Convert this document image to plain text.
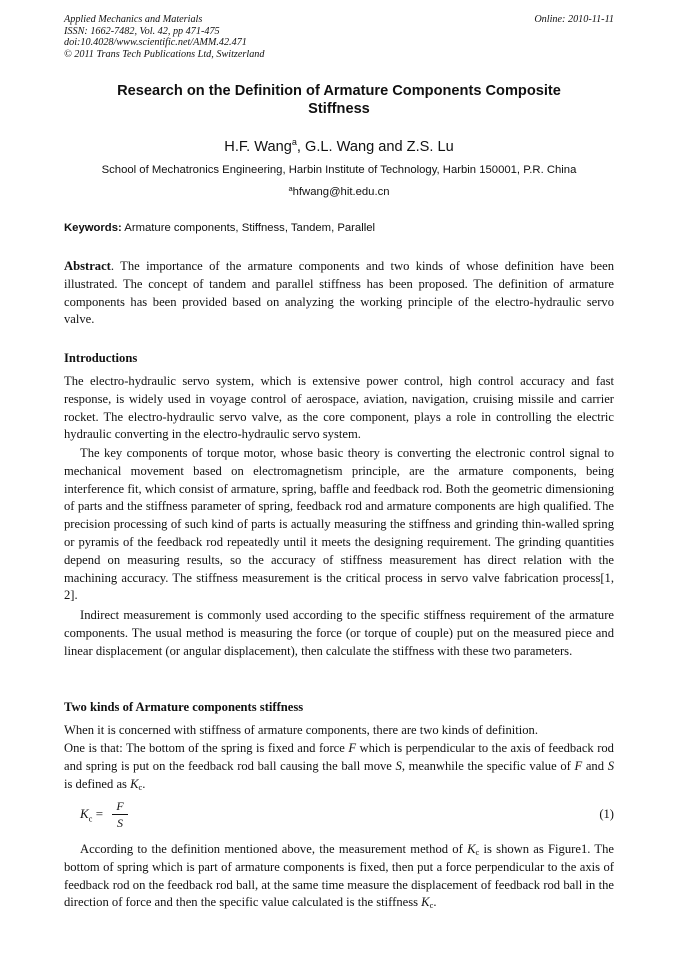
Applied Mechanics and Materials
ISSN: 1662-7482, Vol. 42, pp 471-475
doi:10.4028/www.scientific.net/AMM.42.471
© 2011 Trans Tech Publications Ltd, Switzerland
Online: 2010-11-11
Research on the Definition of Armature Components Composite
Stiffness
H.F. Wang$^a$, G.L. Wang and Z.S. Lu
School of Mechatronics Engineering, Harbin Institute of Technology, Harbin 150001, P.R. China
$^a$hfwang@hit.edu.cn
Keywords: Armature components, Stiffness, Tandem, Parallel

Abstract. The importance of the armature components and two kinds of whose definition have been illustrated. The concept of tandem and parallel stiffness has been proposed. The definition of armature components has been provided based on analyzing the working principle of the electro-hydraulic servo valve.

Introductions

The electro-hydraulic servo system, which is extensive power control, high control accuracy and fast response, is widely used in voyage control of aerospace, aviation, navigation, cruising missile and carrier rocket. The electro-hydraulic servo valve, as the core component, plays a role in controlling the electric hydraulic converting in the electro-hydraulic servo system.

The key components of torque motor, whose basic theory is converting the electronic control signal to mechanical movement based on electromagnetism principle, are the armature components, being interference fit, which consist of armature, spring, baffle and feedback rod. Both the geometric dimensioning of parts and the stiffness parameter of spring, feedback rod and armature components are high qualified. The precision processing of such kind of parts is actually measuring the stiffness and grinding thin-walled spring or pyramis of the feedback rod repeatedly until it meets the designing requirement. The grinding quantities depend on measuring results, so the accuracy of stiffness measurement has direct relation with the machining accuracy. The stiffness measurement is the critical process in servo valve fabrication process[1, 2].

Indirect measurement is commonly used according to the specific stiffness requirement of the armature components. The usual method is measuring the force (or torque of couple) put on the measured piece and linear displacement (or angular displacement), then calculate the stiffness with these two parameters.

Two kinds of Armature components stiffness

When it is concerned with stiffness of armature components, there are two kinds of definition.

One is that: The bottom of the spring is fixed and force F which is perpendicular to the axis of feedback rod and spring is put on the feedback rod ball causing the ball move S, meanwhile the specific value of F and S is defined as $K_c$.

$K_c = \frac{F}{S}$	(1)

According to the definition mentioned above, the measurement method of $K_c$ is shown as Figure1. The bottom of spring which is part of armature components is fixed, then put a force perpendicular to the axis of feedback rod on the feedback rod ball, at the same time measure the displacement of feedback rod ball in the direction of force and then the specific value calculated is the stiffness $K_c$.
